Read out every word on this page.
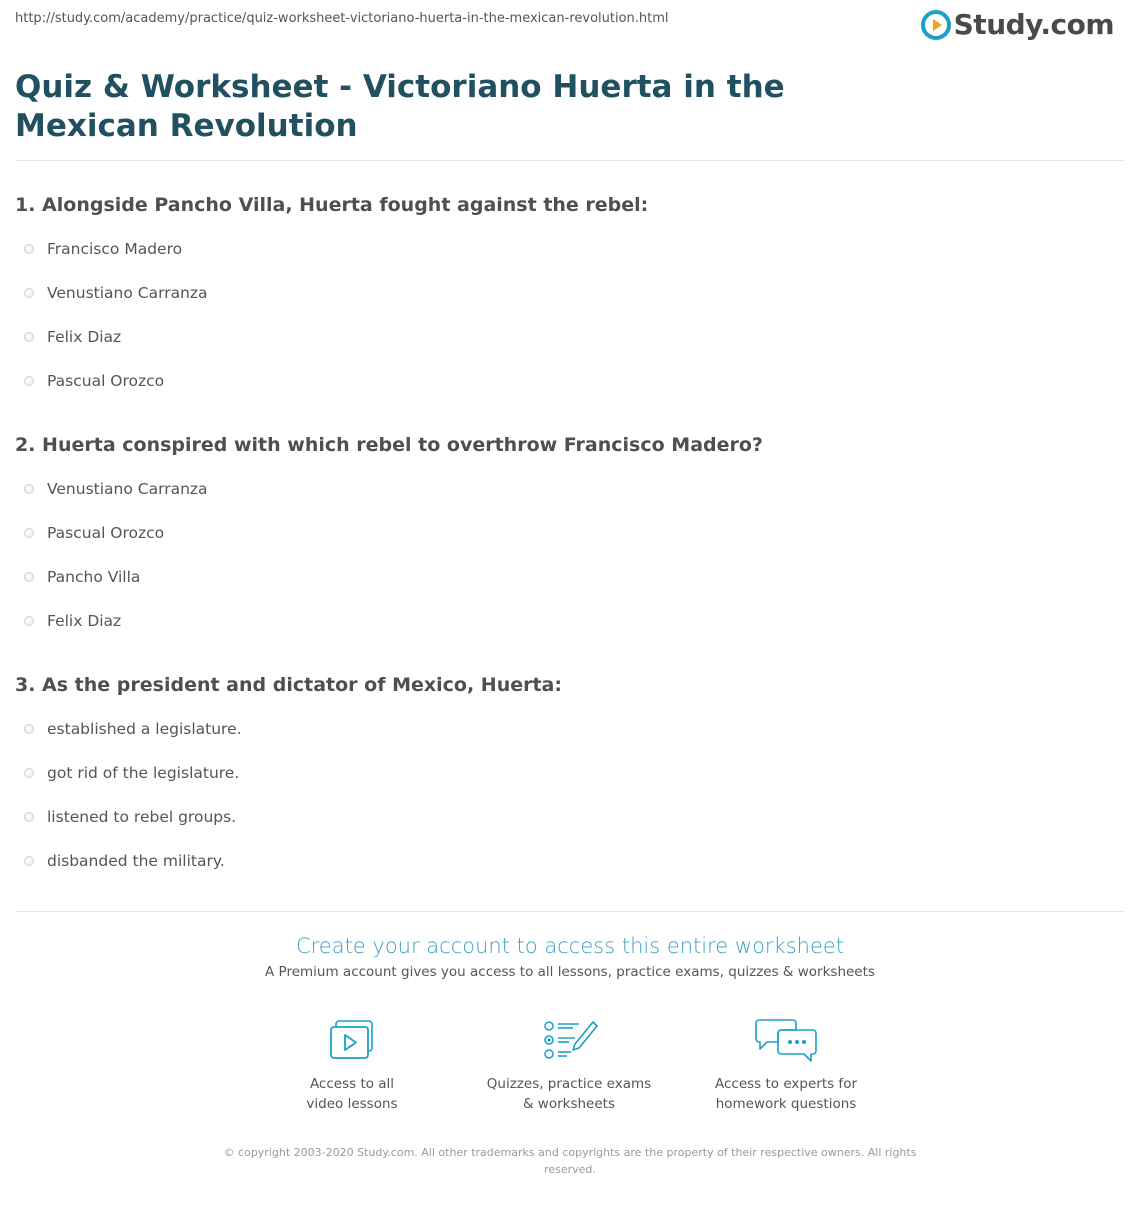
http://study.com/academy/practice/quiz-worksheet-victoriano-huerta-in-the-mexican-revolution.html	Study.com
Quiz & Worksheet - Victoriano Huerta in the Mexican Revolution
1. Alongside Pancho Villa, Huerta fought against the rebel:
Francisco Madero
Venustiano Carranza
Felix Diaz
Pascual Orozco
2. Huerta conspired with which rebel to overthrow Francisco Madero?
Venustiano Carranza
Pascual Orozco
Pancho Villa
Felix Diaz
3. As the president and dictator of Mexico, Huerta:
established a legislature.
got rid of the legislature.
listened to rebel groups.
disbanded the military.
Create your account to access this entire worksheet
A Premium account gives you access to all lessons, practice exams, quizzes & worksheets
Access to all
video lessons
Quizzes, practice exams
& worksheets
Access to experts for
homework questions
© copyright 2003-2020 Study.com. All other trademarks and copyrights are the property of their respective owners. All rights reserved.
